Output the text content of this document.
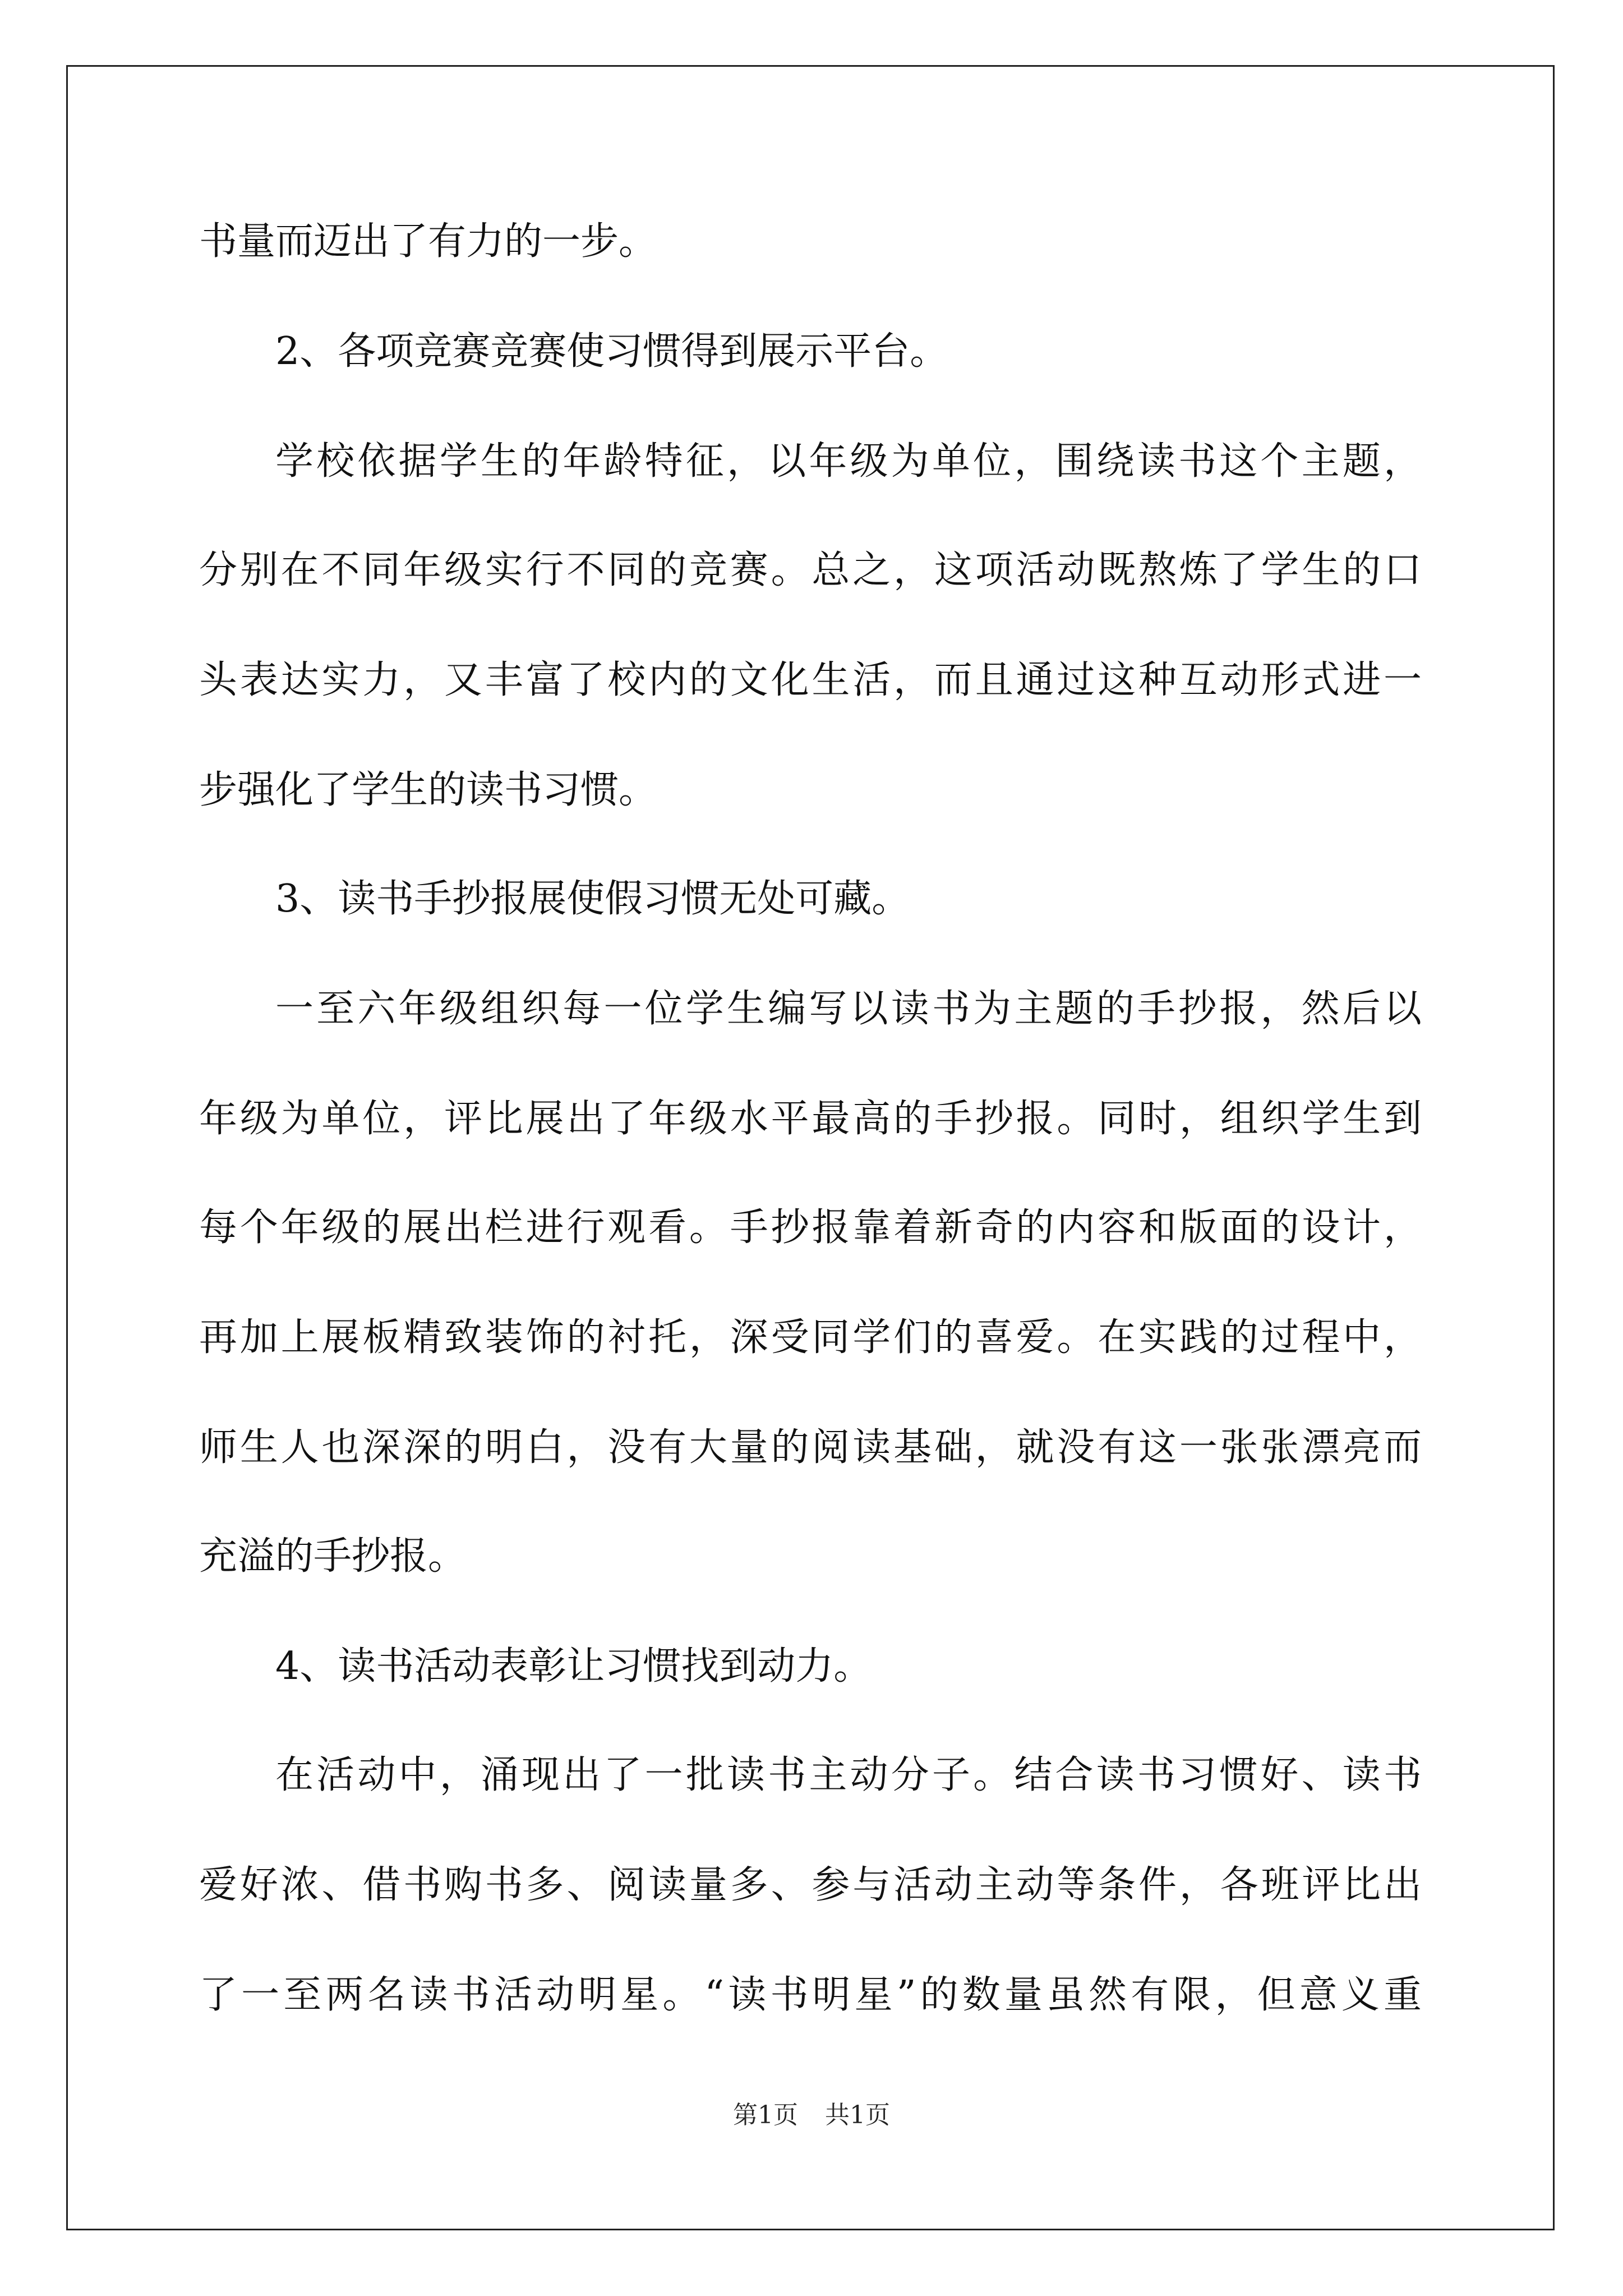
书量而迈出了有力的一步。
2、各项竞赛竞赛使习惯得到展示平台。
学校依据学生的年龄特征，以年级为单位，围绕读书这个主题，
分别在不同年级实行不同的竞赛。总之，这项活动既熬炼了学生的口
头表达实力，又丰富了校内的文化生活，而且通过这种互动形式进一
步强化了学生的读书习惯。
3、读书手抄报展使假习惯无处可藏。
一至六年级组织每一位学生编写以读书为主题的手抄报，然后以
年级为单位，评比展出了年级水平最高的手抄报。同时，组织学生到
每个年级的展出栏进行观看。手抄报靠着新奇的内容和版面的设计，
再加上展板精致装饰的衬托，深受同学们的喜爱。在实践的过程中，
师生人也深深的明白，没有大量的阅读基础，就没有这一张张漂亮而
充溢的手抄报。
4、读书活动表彰让习惯找到动力。
在活动中，涌现出了一批读书主动分子。结合读书习惯好、读书
爱好浓、借书购书多、阅读量多、参与活动主动等条件，各班评比出
了一至两名读书活动明星。“读书明星”的数量虽然有限，但意义重
第1页 共1页
